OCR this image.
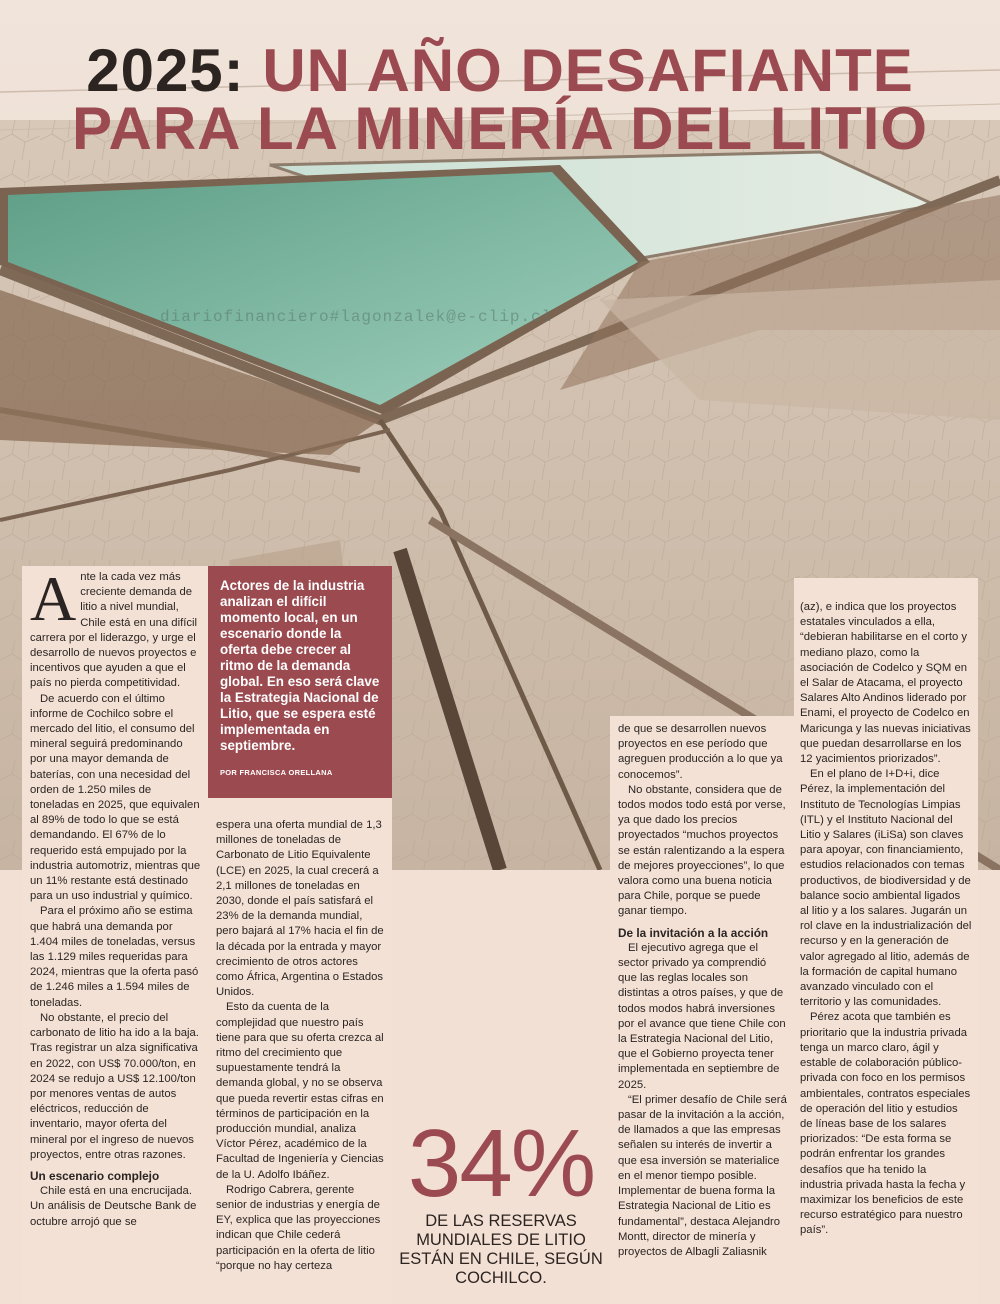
2025: UN AÑO DESAFIANTE
PARA LA MINERÍA DEL LITIO
diariofinanciero#lagonzalek@e-clip.cl
A nte la cada vez más creciente demanda de litio a nivel mundial, Chile está en una difícil carrera por el liderazgo, y urge el desarrollo de nuevos proyectos e incentivos que ayuden a que el país no pierda competitividad.

De acuerdo con el último informe de Cochilco sobre el mercado del litio, el consumo del mineral seguirá predominando por una mayor demanda de baterías, con una necesidad del orden de 1.250 miles de toneladas en 2025, que equivalen al 89% de todo lo que se está demandando. El 67% de lo requerido está empujado por la industria automotriz, mientras que un 11% restante está destinado para un uso industrial y químico.

Para el próximo año se estima que habrá una demanda por 1.404 miles de toneladas, versus las 1.129 miles requeridas para 2024, mientras que la oferta pasó de 1.246 miles a 1.594 miles de toneladas.

No obstante, el precio del carbonato de litio ha ido a la baja. Tras registrar un alza significativa en 2022, con US$ 70.000/ton, en 2024 se redujo a US$ 12.100/ton por menores ventas de autos eléctricos, reducción de inventario, mayor oferta del mineral por el ingreso de nuevos proyectos, entre otras razones.

Un escenario complejo

Chile está en una encrucijada. Un análisis de Deutsche Bank de octubre arrojó que se

Actores de la industria analizan el difícil momento local, en un escenario donde la oferta debe crecer al ritmo de la demanda global. En eso será clave la Estrategia Nacional de Litio, que se espera esté implementada en septiembre.

POR FRANCISCA ORELLANA

espera una oferta mundial de 1,3 millones de toneladas de Carbonato de Litio Equivalente (LCE) en 2025, la cual crecerá a 2,1 millones de toneladas en 2030, donde el país satisfará el 23% de la demanda mundial, pero bajará al 17% hacia el fin de la década por la entrada y mayor crecimiento de otros actores como África, Argentina o Estados Unidos.

Esto da cuenta de la complejidad que nuestro país tiene para que su oferta crezca al ritmo del crecimiento que supuestamente tendrá la demanda global, y no se observa que pueda revertir estas cifras en términos de participación en la producción mundial, analiza Víctor Pérez, académico de la Facultad de Ingeniería y Ciencias de la U. Adolfo Ibáñez.

Rodrigo Cabrera, gerente senior de industrias y energía de EY, explica que las proyecciones indican que Chile cederá participación en la oferta de litio “porque no hay certeza

34%
DE LAS RESERVAS MUNDIALES DE LITIO ESTÁN EN CHILE, SEGÚN COCHILCO.

de que se desarrollen nuevos proyectos en ese período que agreguen producción a lo que ya conocemos”.

No obstante, considera que de todos modos todo está por verse, ya que dado los precios proyectados “muchos proyectos se están ralentizando a la espera de mejores proyecciones”, lo que valora como una buena noticia para Chile, porque se puede ganar tiempo.

De la invitación a la acción

El ejecutivo agrega que el sector privado ya comprendió que las reglas locales son distintas a otros países, y que de todos modos habrá inversiones por el avance que tiene Chile con la Estrategia Nacional del Litio, que el Gobierno proyecta tener implementada en septiembre de 2025.

“El primer desafío de Chile será pasar de la invitación a la acción, de llamados a que las empresas señalen su interés de invertir a que esa inversión se materialice en el menor tiempo posible. Implementar de buena forma la Estrategia Nacional de Litio es fundamental”, destaca Alejandro Montt, director de minería y proyectos de Albagli Zaliasnik

(az), e indica que los proyectos estatales vinculados a ella, “debieran habilitarse en el corto y mediano plazo, como la asociación de Codelco y SQM en el Salar de Atacama, el proyecto Salares Alto Andinos liderado por Enami, el proyecto de Codelco en Maricunga y las nuevas iniciativas que puedan desarrollarse en los 12 yacimientos priorizados”.

En el plano de I+D+i, dice Pérez, la implementación del Instituto de Tecnologías Limpias (ITL) y el Instituto Nacional del Litio y Salares (iLiSa) son claves para apoyar, con financiamiento, estudios relacionados con temas productivos, de biodiversidad y de balance socio ambiental ligados al litio y a los salares. Jugarán un rol clave en la industrialización del recurso y en la generación de valor agregado al litio, además de la formación de capital humano avanzado vinculado con el territorio y las comunidades.

Pérez acota que también es prioritario que la industria privada tenga un marco claro, ágil y estable de colaboración público-privada con foco en los permisos ambientales, contratos especiales de operación del litio y estudios de líneas base de los salares priorizados: “De esta forma se podrán enfrentar los grandes desafíos que ha tenido la industria privada hasta la fecha y maximizar los beneficios de este recurso estratégico para nuestro país”.
